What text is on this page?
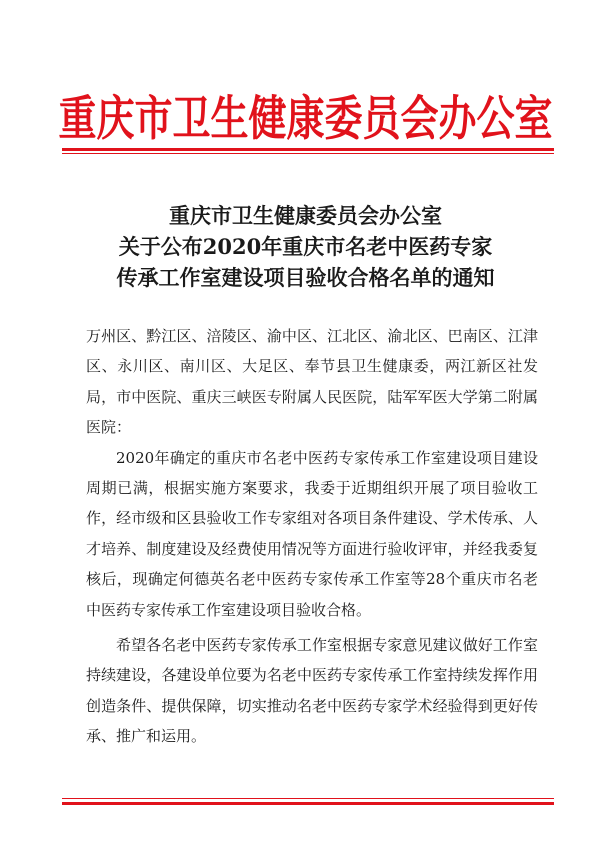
重庆市卫生健康委员会办公室
重庆市卫生健康委员会办公室
关于公布2020年重庆市名老中医药专家
传承工作室建设项目验收合格名单的通知

万州区、黔江区、涪陵区、渝中区、江北区、渝北区、巴南区、江津区、永川区、南川区、大足区、奉节县卫生健康委，两江新区社发局，市中医院、重庆三峡医专附属人民医院，陆军军医大学第二附属医院：

2020年确定的重庆市名老中医药专家传承工作室建设项目建设周期已满，根据实施方案要求，我委于近期组织开展了项目验收工作，经市级和区县验收工作专家组对各项目条件建设、学术传承、人才培养、制度建设及经费使用情况等方面进行验收评审，并经我委复核后，现确定何德英名老中医药专家传承工作室等28个重庆市名老中医药专家传承工作室建设项目验收合格。

希望各名老中医药专家传承工作室根据专家意见建议做好工作室持续建设，各建设单位要为名老中医药专家传承工作室持续发挥作用创造条件、提供保障，切实推动名老中医药专家学术经验得到更好传承、推广和运用。
